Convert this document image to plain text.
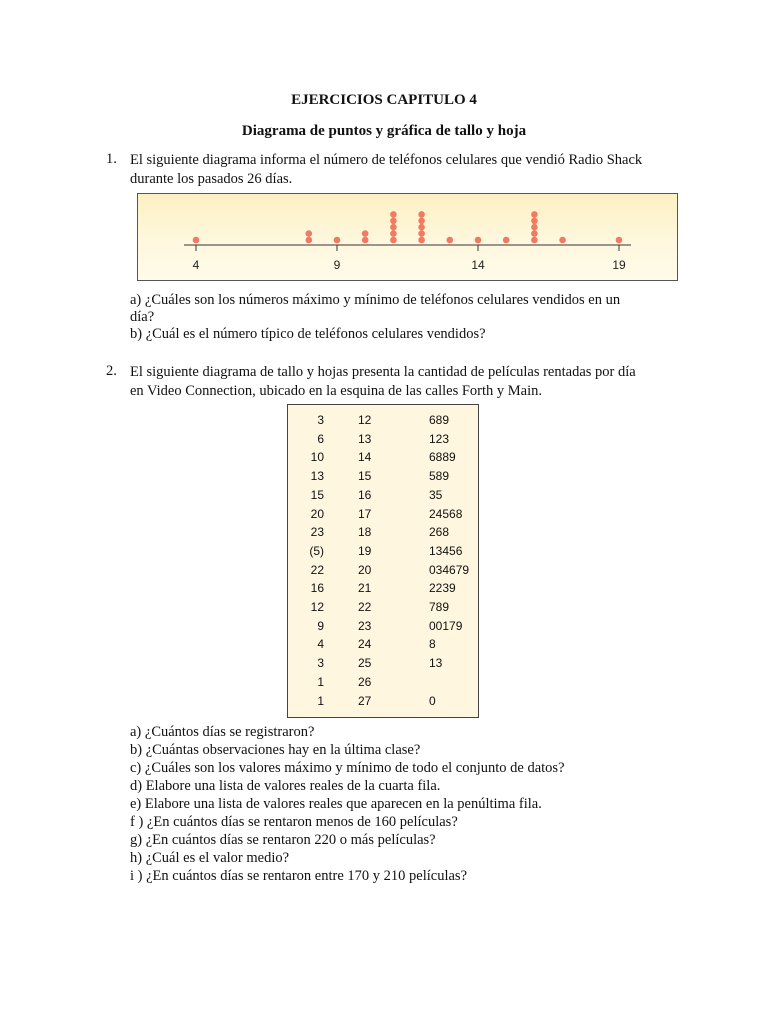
EJERCICIOS CAPITULO 4
Diagrama de puntos y gráfica de tallo y hoja
1. El siguiente diagrama informa el número de teléfonos celulares que vendió Radio Shack
durante los pasados 26 días.
4	9	14	19
a) ¿Cuáles son los números máximo y mínimo de teléfonos celulares vendidos en un
día?
b) ¿Cuál es el número típico de teléfonos celulares vendidos?
2. El siguiente diagrama de tallo y hojas presenta la cantidad de películas rentadas por día
en Video Connection, ubicado en la esquina de las calles Forth y Main.
3	12	689
6	13	123
10	14	6889
13	15	589
15	16	35
20	17	24568
23	18	268
(5)	19	13456
22	20	034679
16	21	2239
12	22	789
9	23	00179
4	24	8
3	25	13
1	26
1	27	0
a) ¿Cuántos días se registraron?
b) ¿Cuántas observaciones hay en la última clase?
c) ¿Cuáles son los valores máximo y mínimo de todo el conjunto de datos?
d) Elabore una lista de valores reales de la cuarta fila.
e) Elabore una lista de valores reales que aparecen en la penúltima fila.
f ) ¿En cuántos días se rentaron menos de 160 películas?
g) ¿En cuántos días se rentaron 220 o más películas?
h) ¿Cuál es el valor medio?
i ) ¿En cuántos días se rentaron entre 170 y 210 películas?
